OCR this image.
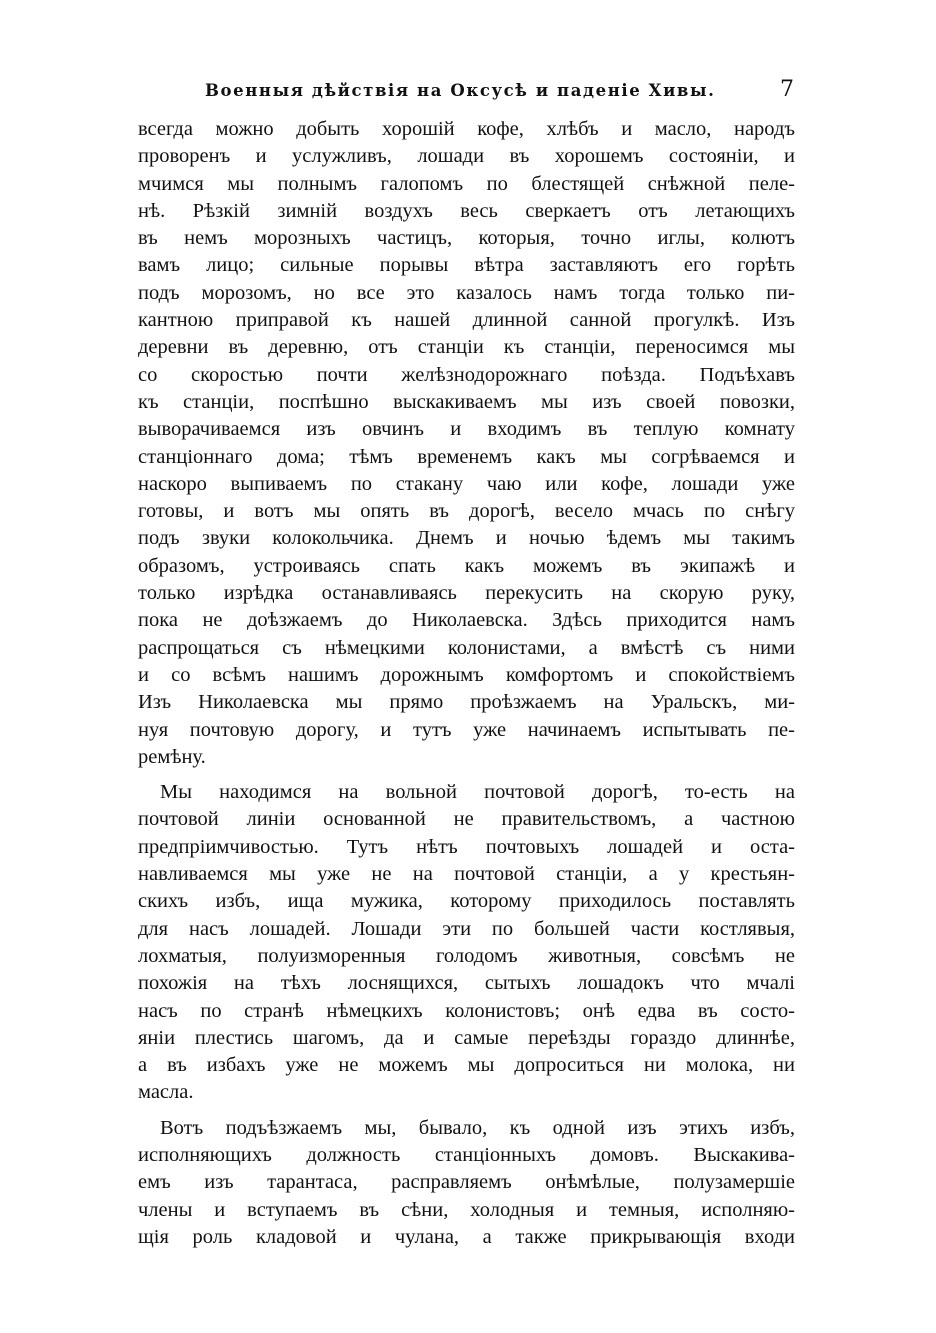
Военныя дѣйствія на Оксусѣ и паденіе Хивы.	7
всегда можно добыть хорошій кофе, хлѣбъ и масло, народъ
проворенъ и услужливъ, лошади въ хорошемъ состояніи, и
мчимся мы полнымъ галопомъ по блестящей снѣжной пеле-
нѣ. Рѣзкій зимній воздухъ весь сверкаетъ отъ летающихъ
въ немъ морозныхъ частицъ, которыя, точно иглы, колютъ
вамъ лицо; сильные порывы вѣтра заставляютъ его горѣть
подъ морозомъ, но все это казалось намъ тогда только пи-
кантною приправой къ нашей длинной санной прогулкѣ. Изъ
деревни въ деревню, отъ станціи къ станціи, переносимся мы
со скоростью почти желѣзнодорожнаго поѣзда. Подъѣхавъ
къ станціи, поспѣшно выскакиваемъ мы изъ своей повозки,
выворачиваемся изъ овчинъ и входимъ въ теплую комнату
станціоннаго дома; тѣмъ временемъ какъ мы согрѣваемся и
наскоро выпиваемъ по стакану чаю или кофе, лошади уже
готовы, и вотъ мы опять въ дорогѣ, весело мчась по снѣгу
подъ звуки колокольчика. Днемъ и ночью ѣдемъ мы такимъ
образомъ, устроиваясь спать какъ можемъ въ экипажѣ и
только изрѣдка останавливаясь перекусить на скорую руку,
пока не доѣзжаемъ до Николаевска. Здѣсь приходится намъ
распрощаться съ нѣмецкими колонистами, а вмѣстѣ съ ними
и со всѣмъ нашимъ дорожнымъ комфортомъ и спокойствіемъ
Изъ Николаевска мы прямо проѣзжаемъ на Уральскъ, ми-
нуя почтовую дорогу, и тутъ уже начинаемъ испытывать пе-
ремѣну.
Мы находимся на вольной почтовой дорогѣ, то-есть на
почтовой линіи основанной не правительствомъ, а частною
предпріимчивостью. Тутъ нѣтъ почтовыхъ лошадей и оста-
навливаемся мы уже не на почтовой станціи, а у крестьян-
скихъ избъ, ища мужика, которому приходилось поставлять
для насъ лошадей. Лошади эти по большей части костлявыя,
лохматыя, полуизморенныя голодомъ животныя, совсѣмъ не
похожія на тѣхъ лоснящихся, сытыхъ лошадокъ что мчалі
насъ по странѣ нѣмецкихъ колонистовъ; онѣ едва въ состо-
яніи плестись шагомъ, да и самые переѣзды гораздо длиннѣе,
а въ избахъ уже не можемъ мы допроситься ни молока, ни
масла.
Вотъ подъѣзжаемъ мы, бывало, къ одной изъ этихъ избъ,
исполняющихъ должность станціонныхъ домовъ. Выскакива-
емъ изъ тарантаса, расправляемъ онѣмѣлые, полузамершіе
члены и вступаемъ въ сѣни, холодныя и темныя, исполняю-
щія роль кладовой и чулана, а также прикрывающія входи
